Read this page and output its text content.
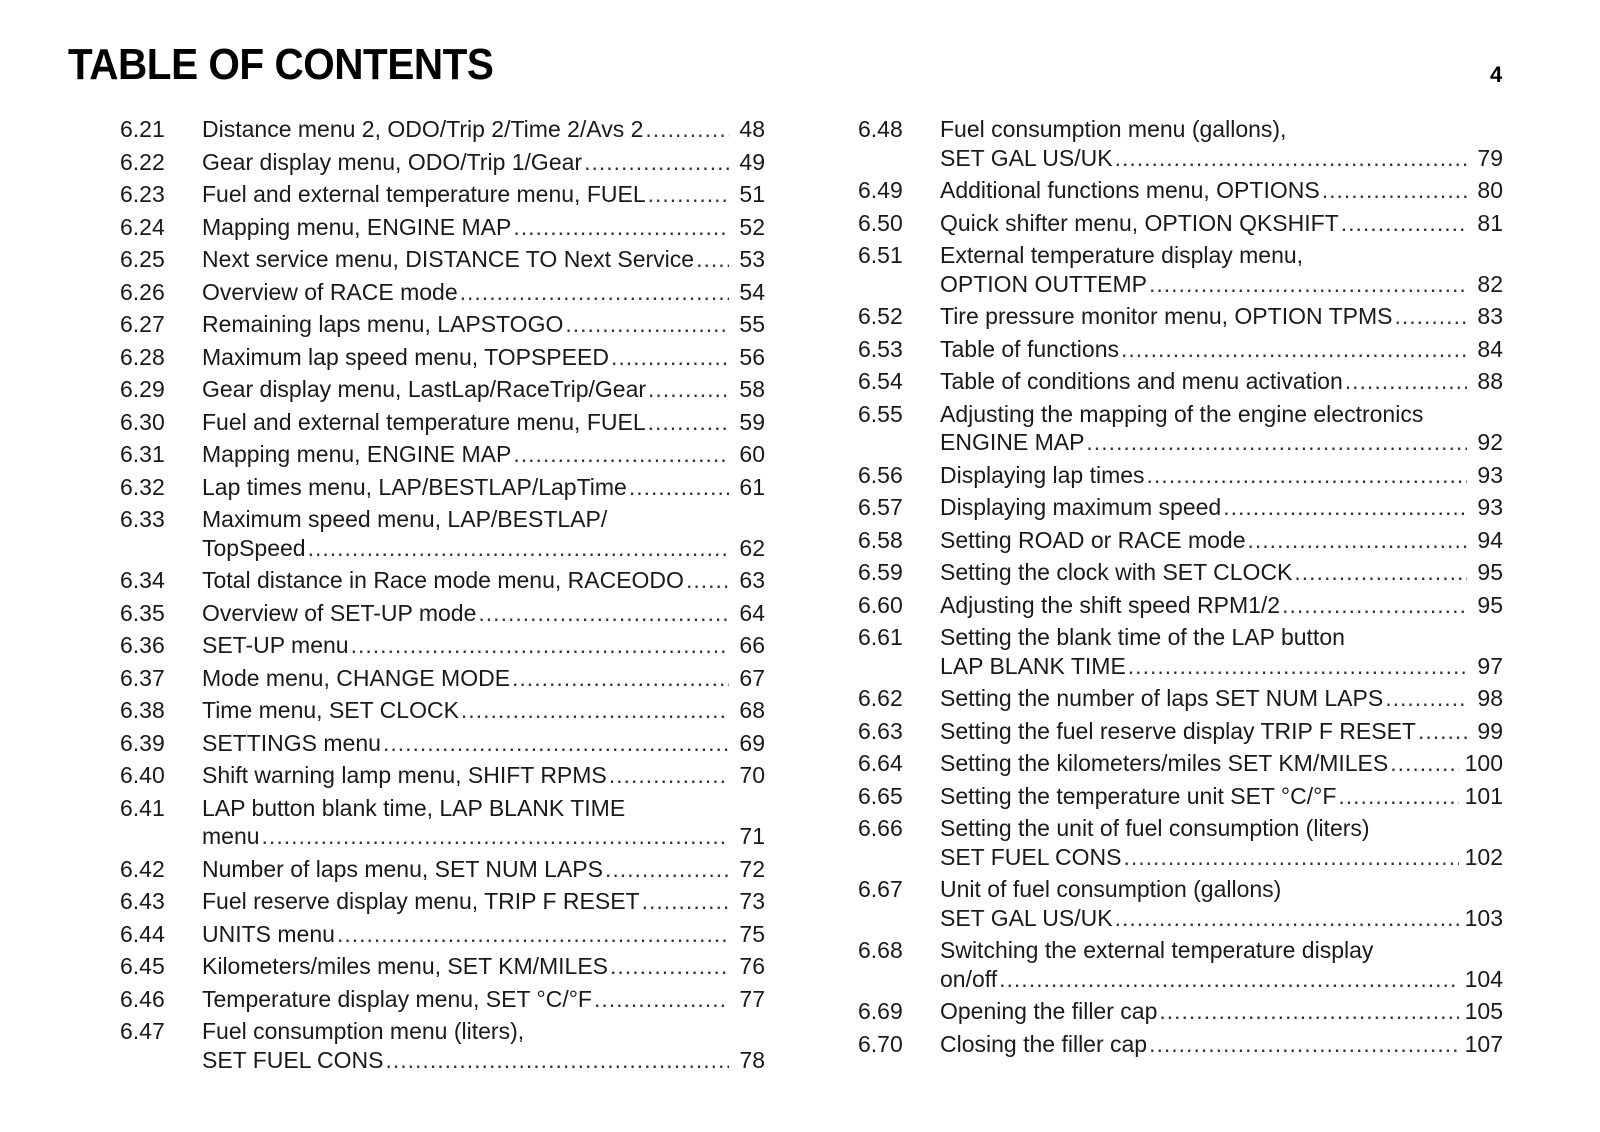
TABLE OF CONTENTS	4
6.21	Distance menu 2, ODO/Trip 2/Time 2/Avs 2 .....	48
6.22	Gear display menu, ODO/Trip 1/Gear .....	49
6.23	Fuel and external temperature menu, FUEL .....	51
6.24	Mapping menu, ENGINE MAP .....	52
6.25	Next service menu, DISTANCE TO Next Service ..... 53
6.26	Overview of RACE mode .....	54
6.27	Remaining laps menu, LAPSTOGO .....	55
6.28	Maximum lap speed menu, TOPSPEED .....	56
6.29	Gear display menu, LastLap/RaceTrip/Gear .....	58
6.30	Fuel and external temperature menu, FUEL .....	59
6.31	Mapping menu, ENGINE MAP .....	60
6.32	Lap times menu, LAP/BESTLAP/LapTime .....	61
6.33	Maximum speed menu, LAP/BESTLAP/
TopSpeed .....	62
6.34	Total distance in Race mode menu, RACEODO ..... 63
6.35	Overview of SET-UP mode .....	64
6.36	SET-UP menu .....	66
6.37	Mode menu, CHANGE MODE .....	67
6.38	Time menu, SET CLOCK .....	68
6.39	SETTINGS menu .....	69
6.40	Shift warning lamp menu, SHIFT RPMS .....	70
6.41	LAP button blank time, LAP BLANK TIME
menu .....	71
6.42	Number of laps menu, SET NUM LAPS .....	72
6.43	Fuel reserve display menu, TRIP F RESET .....	73
6.44	UNITS menu .....	75
6.45	Kilometers/miles menu, SET KM/MILES .....	76
6.46	Temperature display menu, SET °C/°F .....	77
6.47	Fuel consumption menu (liters),
SET FUEL CONS .....	78
6.48	Fuel consumption menu (gallons),
SET GAL US/UK .....	79
6.49	Additional functions menu, OPTIONS .....	80
6.50	Quick shifter menu, OPTION QKSHIFT .....	81
6.51	External temperature display menu,
OPTION OUTTEMP .....	82
6.52	Tire pressure monitor menu, OPTION TPMS .....	83
6.53	Table of functions .....	84
6.54	Table of conditions and menu activation .....	88
6.55	Adjusting the mapping of the engine electronics
ENGINE MAP .....	92
6.56	Displaying lap times .....	93
6.57	Displaying maximum speed .....	93
6.58	Setting ROAD or RACE mode .....	94
6.59	Setting the clock with SET CLOCK .....	95
6.60	Adjusting the shift speed RPM1/2 .....	95
6.61	Setting the blank time of the LAP button
LAP BLANK TIME .....	97
6.62	Setting the number of laps SET NUM LAPS .....	98
6.63	Setting the fuel reserve display TRIP F RESET .....	99
6.64	Setting the kilometers/miles SET KM/MILES .....	100
6.65	Setting the temperature unit SET °C/°F .....	101
6.66	Setting the unit of fuel consumption (liters)
SET FUEL CONS .....	102
6.67	Unit of fuel consumption (gallons)
SET GAL US/UK .....	103
6.68	Switching the external temperature display
on/off .....	104
6.69	Opening the filler cap .....	105
6.70	Closing the filler cap .....	107
